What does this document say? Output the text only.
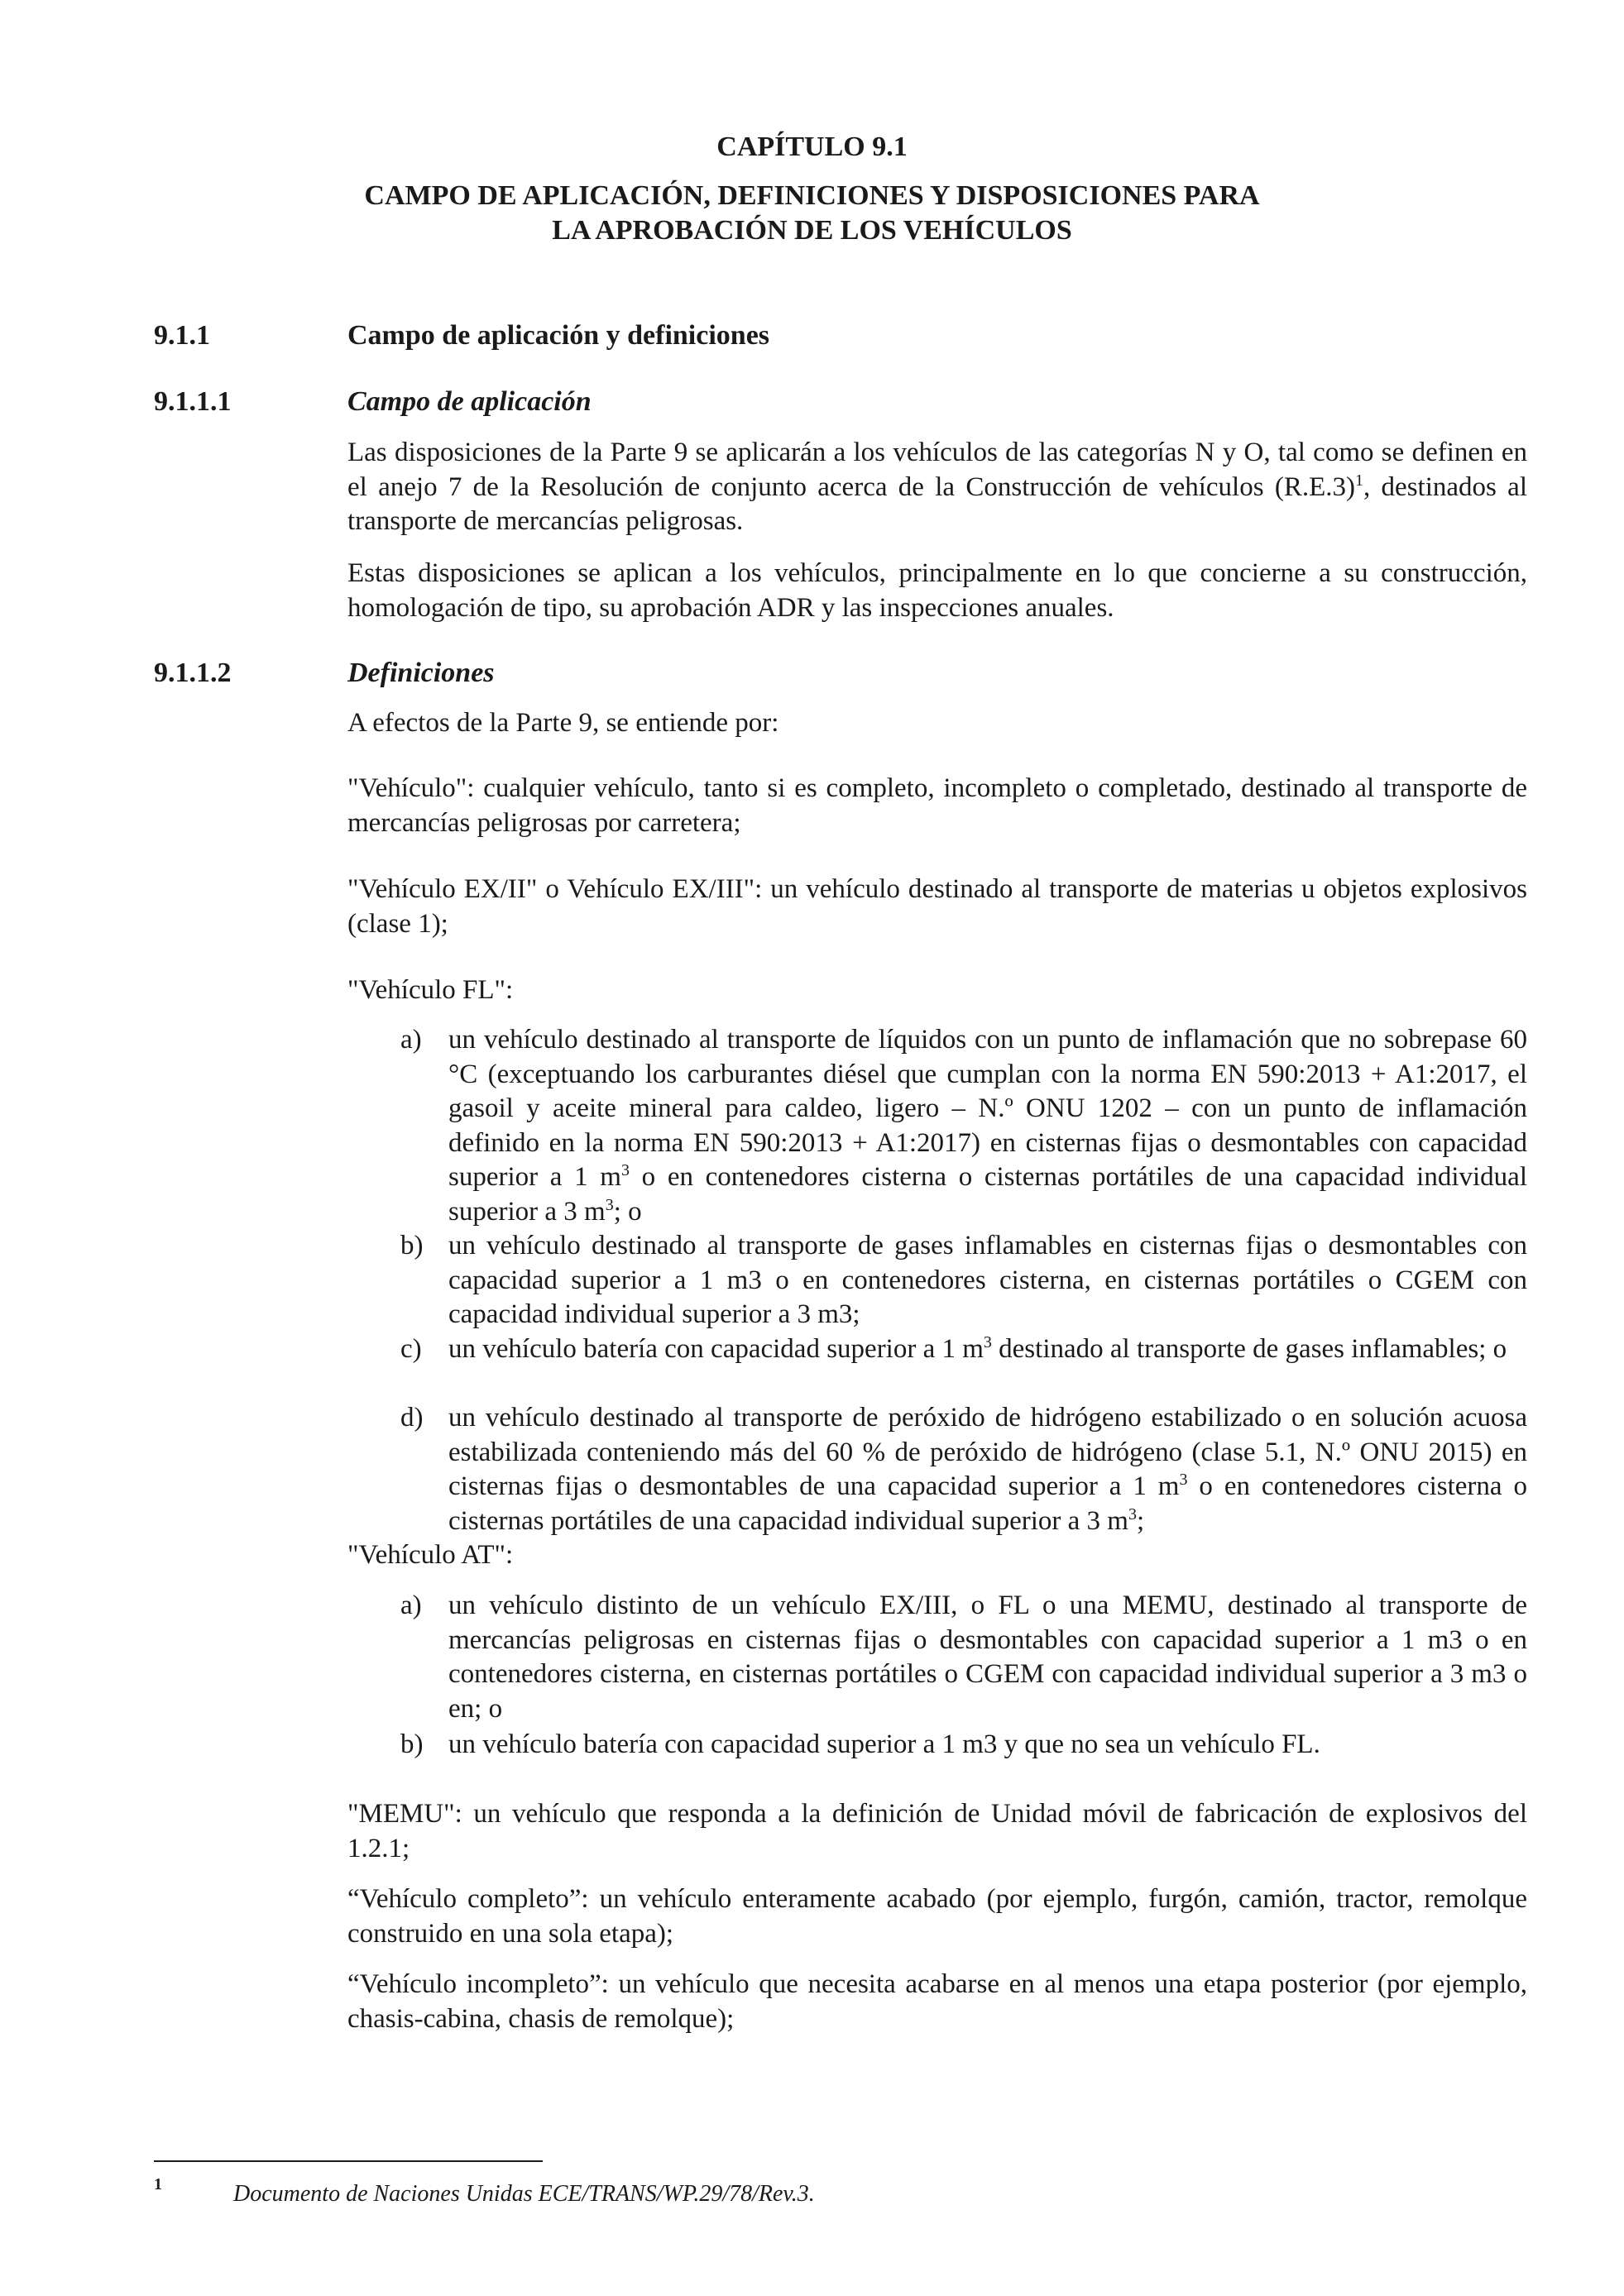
CAPÍTULO 9.1
CAMPO DE APLICACIÓN, DEFINICIONES Y DISPOSICIONES PARA
LA APROBACIÓN DE LOS VEHÍCULOS
9.1.1	Campo de aplicación y definiciones
9.1.1.1	Campo de aplicación

Las disposiciones de la Parte 9 se aplicarán a los vehículos de las categorías N y O, tal como se definen en el anejo 7 de la Resolución de conjunto acerca de la Construcción de vehículos $(R.E.3)^1$, destinados al transporte de mercancías peligrosas.

Estas disposiciones se aplican a los vehículos, principalmente en lo que concierne a su construcción, homologación de tipo, su aprobación ADR y las inspecciones anuales.
9.1.1.2	Definiciones
A efectos de la Parte 9, se entiende por:
"Vehículo": cualquier vehículo, tanto si es completo, incompleto o completado, destinado al transporte de mercancías peligrosas por carretera;
"Vehículo EX/II" o Vehículo EX/III": un vehículo destinado al transporte de materias u objetos explosivos (clase 1);
"Vehículo FL":
a) un vehículo destinado al transporte de líquidos con un punto de inflamación que no sobrepase 60 °C (exceptuando los carburantes diésel que cumplan con la norma EN 590:2013 + A1:2017, el gasoil y aceite mineral para caldeo, ligero – N.º ONU 1202 – con un punto de inflamación definido en la norma EN 590:2013 + A1:2017) en cisternas fijas o desmontables con capacidad superior a 1 $m^3$ o en contenedores cisterna o cisternas portátiles de una capacidad individual superior a 3 $m^3$; o
b) un vehículo destinado al transporte de gases inflamables en cisternas fijas o desmontables con capacidad superior a 1 m3 o en contenedores cisterna, en cisternas portátiles o CGEM con capacidad individual superior a 3 m3;
c) un vehículo batería con capacidad superior a 1 $m^3$ destinado al transporte de gases inflamables; o
d) un vehículo destinado al transporte de peróxido de hidrógeno estabilizado o en solución acuosa estabilizada conteniendo más del 60 % de peróxido de hidrógeno (clase 5.1, N.º ONU 2015) en cisternas fijas o desmontables de una capacidad superior a 1 $m^3$ o en contenedores cisterna o cisternas portátiles de una capacidad individual superior a 3 $m^3$;
"Vehículo AT":
a) un vehículo distinto de un vehículo EX/III, o FL o una MEMU, destinado al transporte de mercancías peligrosas en cisternas fijas o desmontables con capacidad superior a 1 m3 o en contenedores cisterna, en cisternas portátiles o CGEM con capacidad individual superior a 3 m3 o en; o
b) un vehículo batería con capacidad superior a 1 m3 y que no sea un vehículo FL.
"MEMU": un vehículo que responda a la definición de Unidad móvil de fabricación de explosivos del 1.2.1;
“Vehículo completo”: un vehículo enteramente acabado (por ejemplo, furgón, camión, tractor, remolque construido en una sola etapa);
“Vehículo incompleto”: un vehículo que necesita acabarse en al menos una etapa posterior (por ejemplo, chasis-cabina, chasis de remolque);
1	Documento de Naciones Unidas ECE/TRANS/WP.29/78/Rev.3.
